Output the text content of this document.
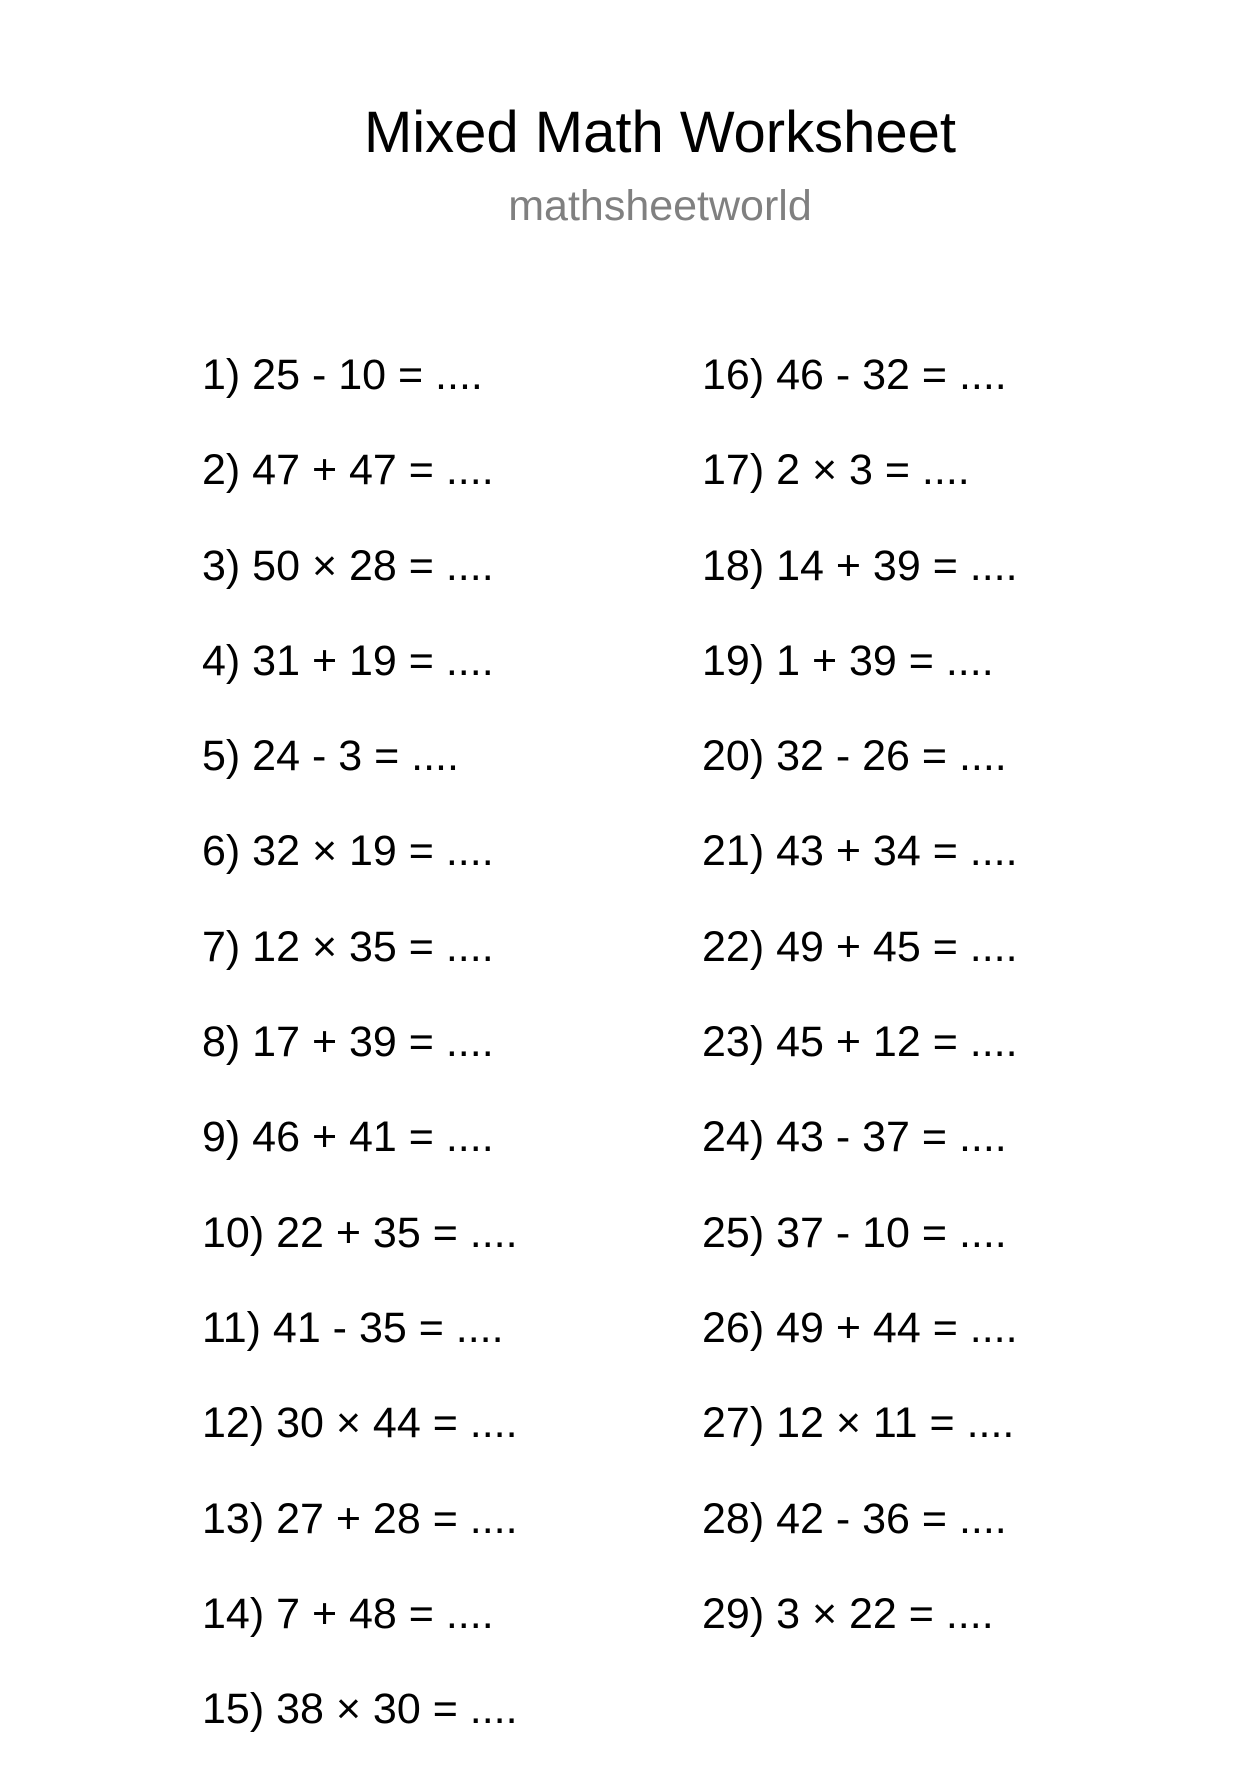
Mixed Math Worksheet
mathsheetworld
1) 25 - 10 = ....
2) 47 + 47 = ....
3) 50 × 28 = ....
4) 31 + 19 = ....
5) 24 - 3 = ....
6) 32 × 19 = ....
7) 12 × 35 = ....
8) 17 + 39 = ....
9) 46 + 41 = ....
10) 22 + 35 = ....
11) 41 - 35 = ....
12) 30 × 44 = ....
13) 27 + 28 = ....
14) 7 + 48 = ....
15) 38 × 30 = ....
16) 46 - 32 = ....
17) 2 × 3 = ....
18) 14 + 39 = ....
19) 1 + 39 = ....
20) 32 - 26 = ....
21) 43 + 34 = ....
22) 49 + 45 = ....
23) 45 + 12 = ....
24) 43 - 37 = ....
25) 37 - 10 = ....
26) 49 + 44 = ....
27) 12 × 11 = ....
28) 42 - 36 = ....
29) 3 × 22 = ....
